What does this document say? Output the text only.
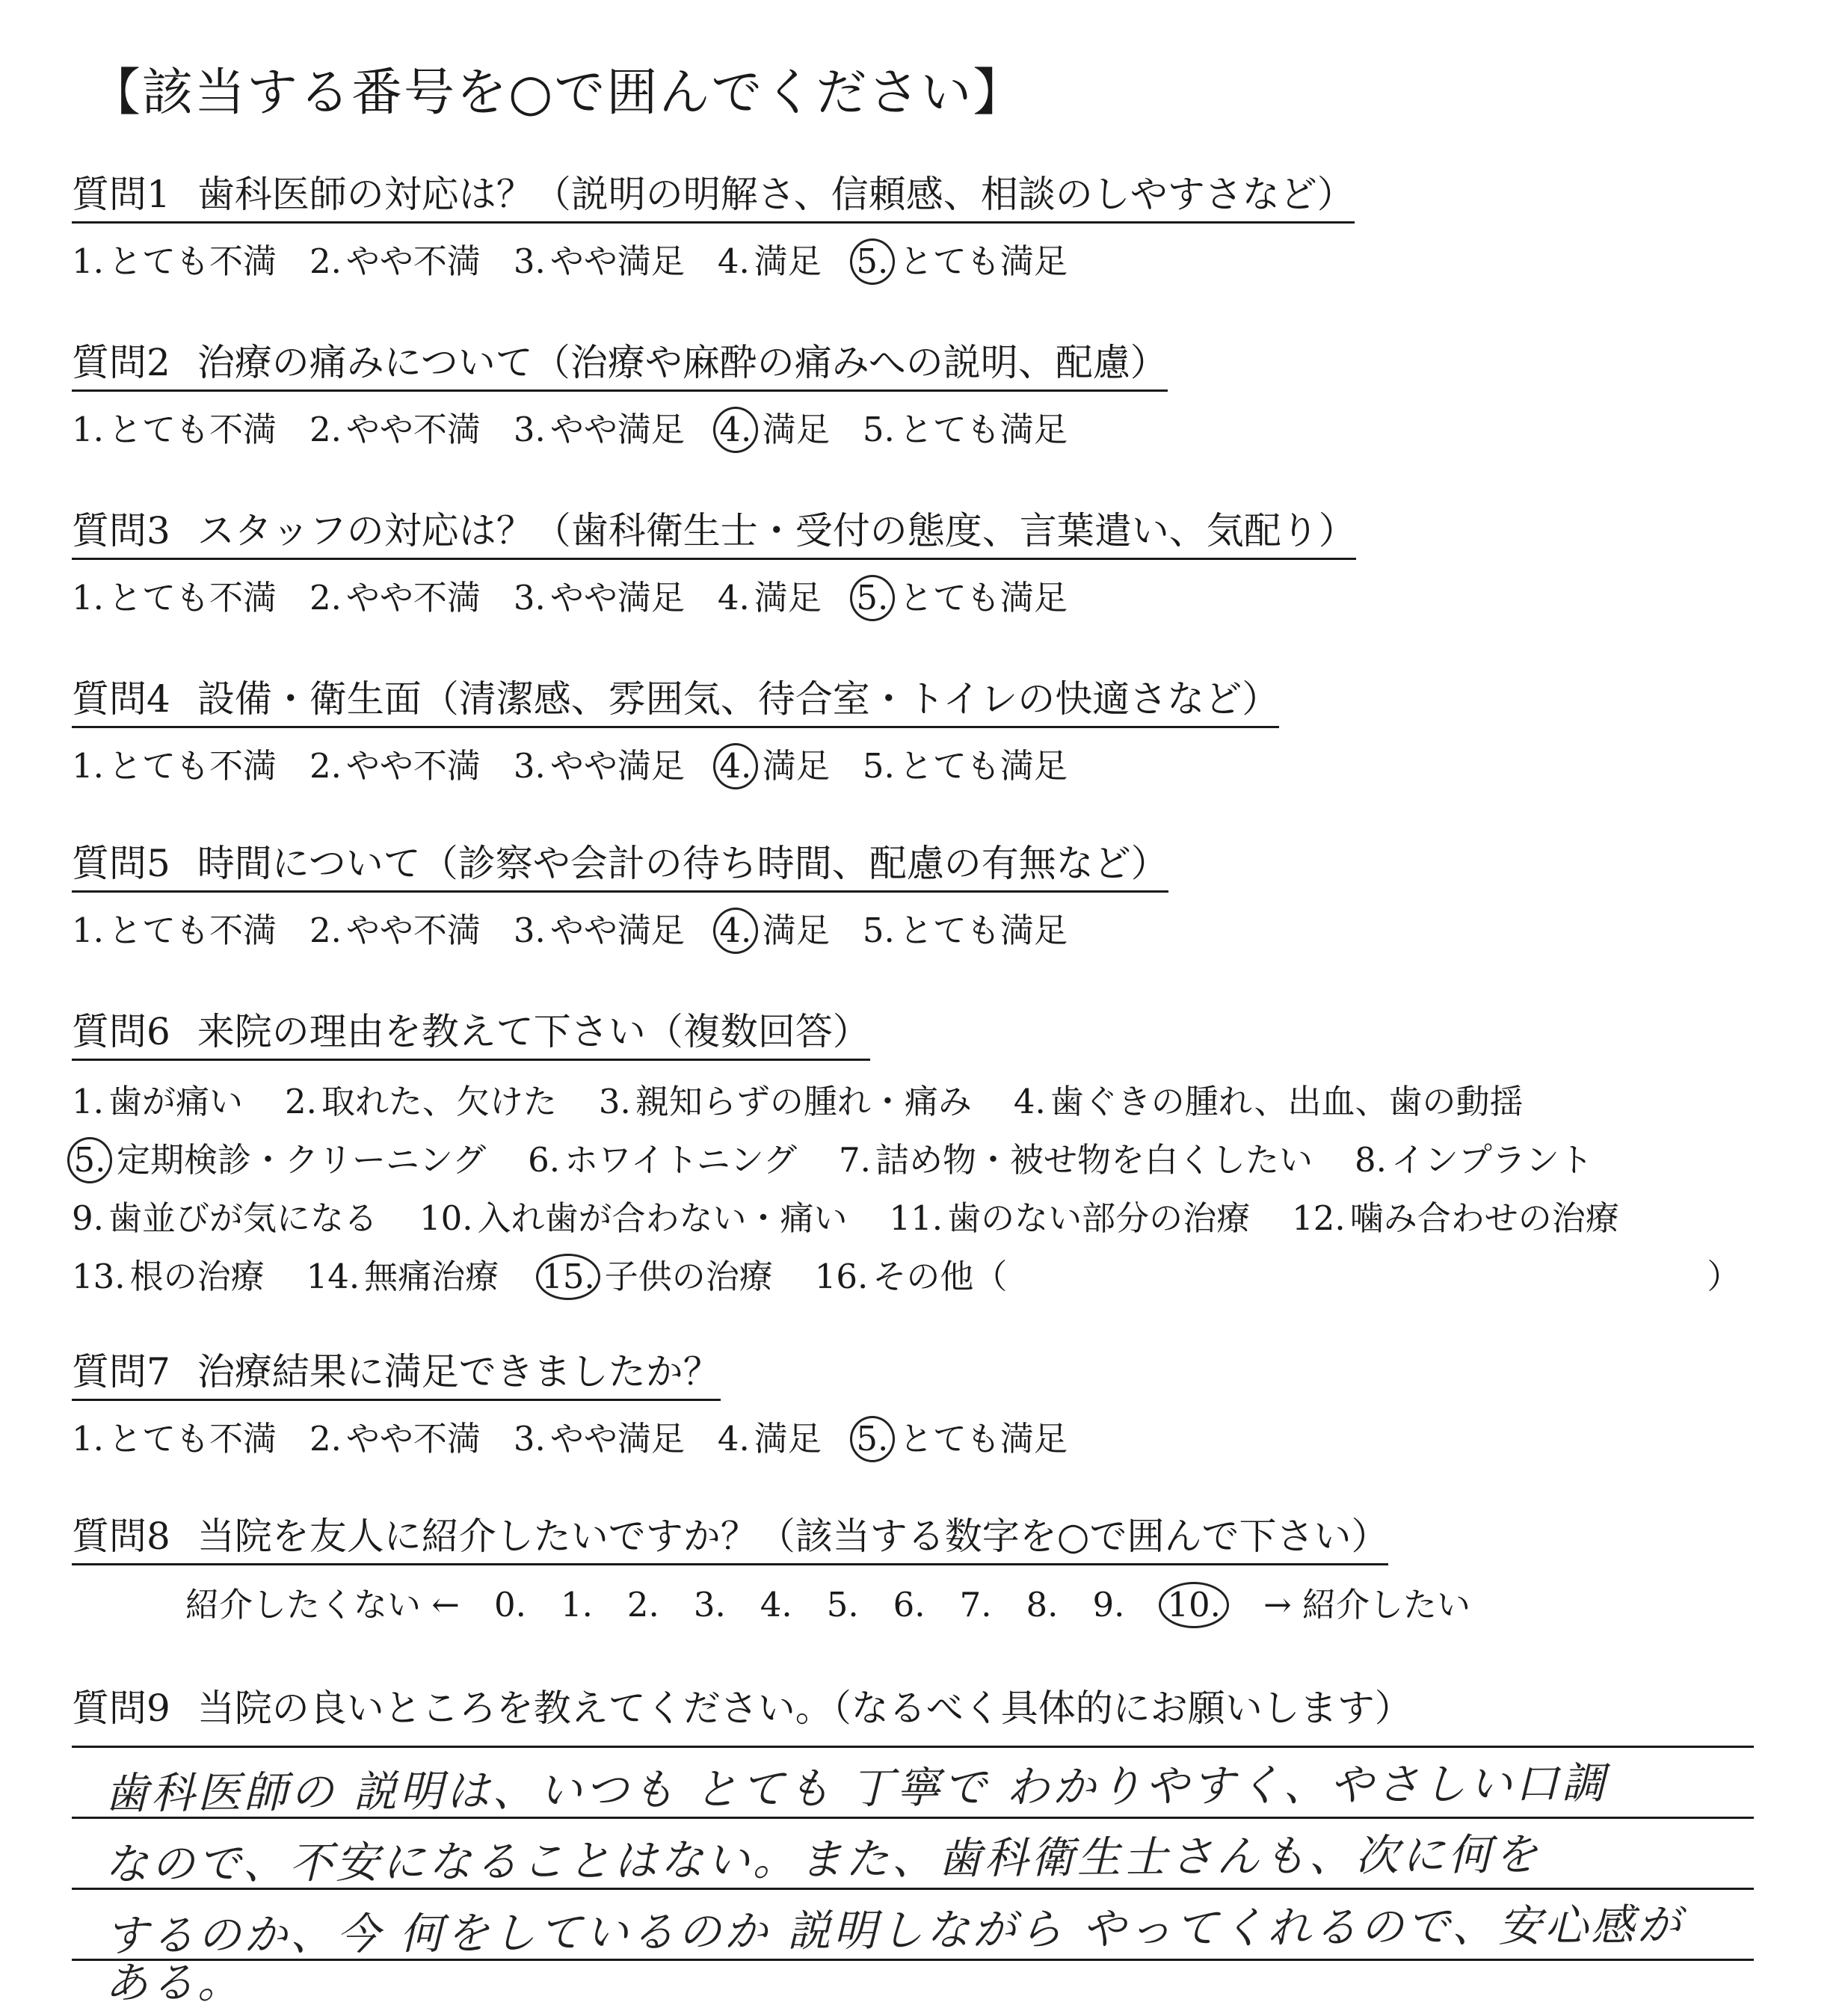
【該当する番号を○で囲んでください】
質問1 歯科医師の対応は？（説明の明解さ、信頼感、相談のしやすさなど）
1. とても不満 2. やや不満 3. やや満足 4. 満足 5. とても満足
質問2 治療の痛みについて（治療や麻酔の痛みへの説明、配慮）
1. とても不満 2. やや不満 3. やや満足 4. 満足 5. とても満足
質問3 スタッフの対応は？（歯科衛生士・受付の態度、言葉遣い、気配り）
1. とても不満 2. やや不満 3. やや満足 4. 満足 5. とても満足
質問4 設備・衛生面（清潔感、雰囲気、待合室・トイレの快適さなど）
1. とても不満 2. やや不満 3. やや満足 4. 満足 5. とても満足
質問5 時間について（診察や会計の待ち時間、配慮の有無など）
1. とても不満 2. やや不満 3. やや満足 4. 満足 5. とても満足
質問6 来院の理由を教えて下さい（複数回答）
1. 歯が痛い 2. 取れた、欠けた 3. 親知らずの腫れ・痛み 4. 歯ぐきの腫れ、出血、歯の動揺
5. 定期検診・クリーニング 6. ホワイトニング 7. 詰め物・被せ物を白くしたい 8. インプラント
9. 歯並びが気になる 10. 入れ歯が合わない・痛い 11. 歯のない部分の治療 12. 噛み合わせの治療
13. 根の治療 14. 無痛治療 15. 子供の治療 16. その他（	）
質問7 治療結果に満足できましたか？
1. とても不満 2. やや不満 3. やや満足 4. 満足 5. とても満足
質問8 当院を友人に紹介したいですか？（該当する数字を○で囲んで下さい）
紹介したくない ← 0. 1. 2. 3. 4. 5. 6. 7. 8. 9. 10. → 紹介したい
質問9 当院の良いところを教えてください。（なるべく具体的にお願いします）
歯科医師の 説明は、いつも とても 丁寧で わかりやすく、やさしい口調
なので、不安になることはない。また、歯科衛生士さんも、次に何を
するのか、今 何をしているのか 説明しながら やってくれるので、安心感が
ある。
